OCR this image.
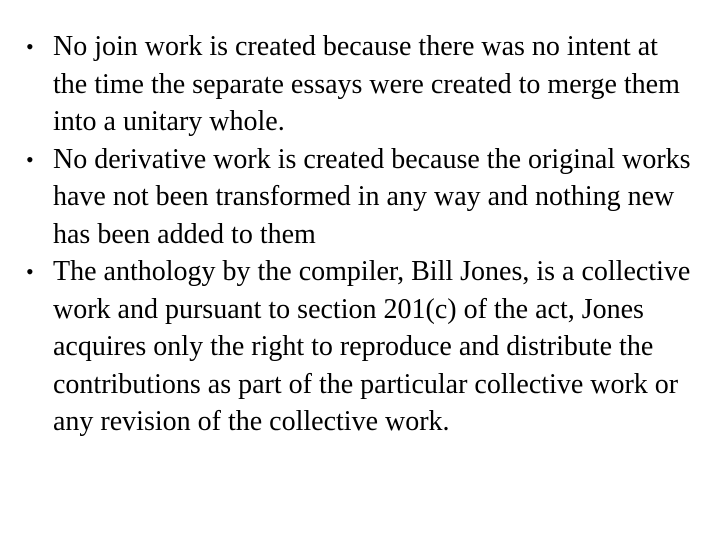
• No join work is created because there was no intent at the time the separate essays were created to merge them into a unitary whole.
• No derivative work is created because the original works have not been transformed in any way and nothing new has been added to them
• The anthology by the compiler, Bill Jones, is a collective work and pursuant to section 201(c) of the act, Jones acquires only the right to reproduce and distribute the contributions as part of the particular collective work or any revision of the collective work.
